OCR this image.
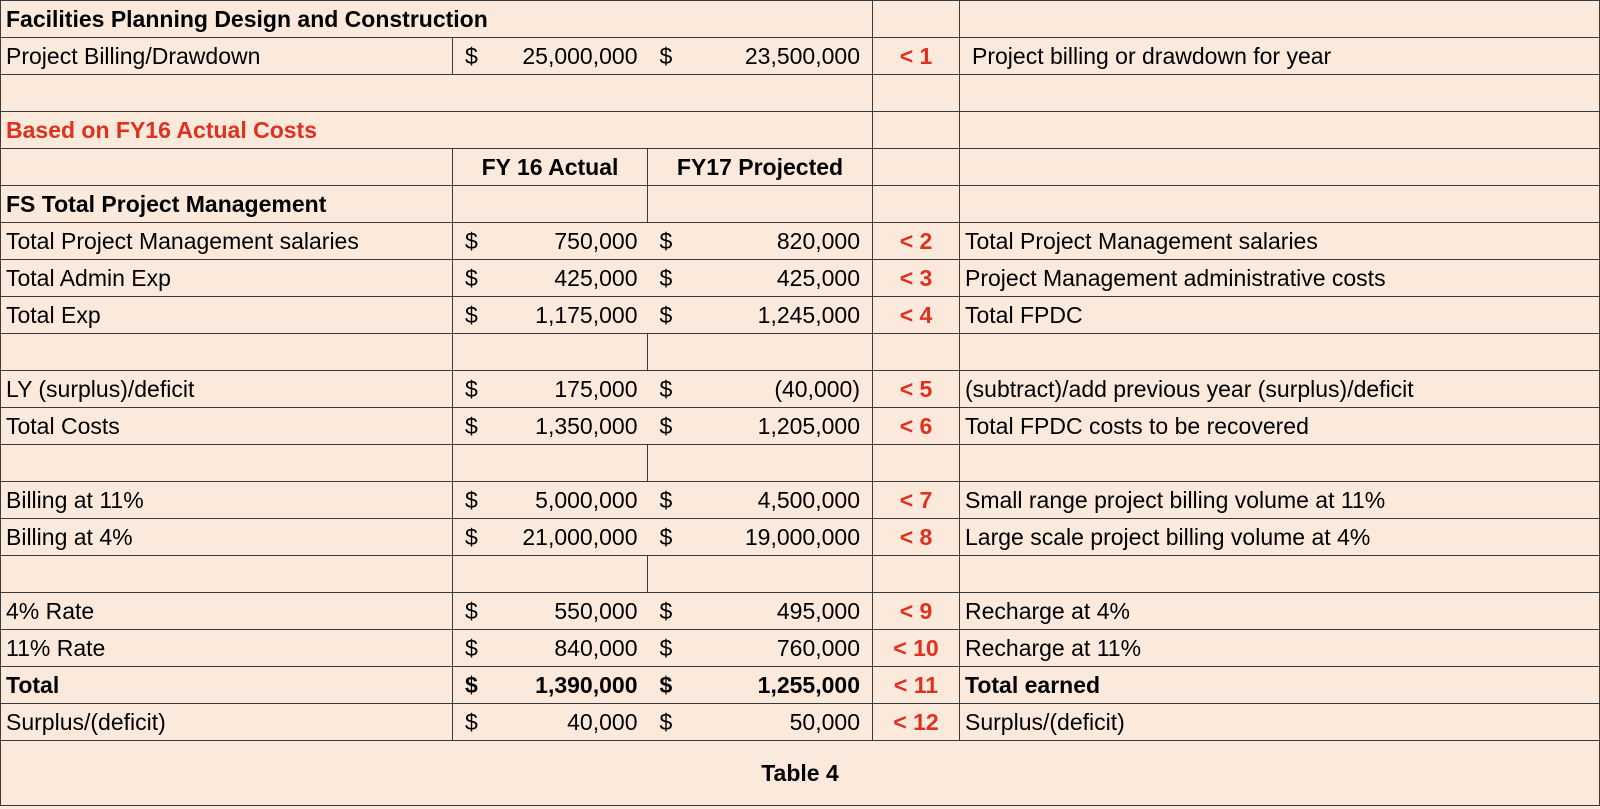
Facilities Planning Design and Construction				

Project Billing/Drawdown	$ 25,000,000	$ 23,500,000	< 1	Project billing or drawdown for year

Based on FY16 Actual Costs				

	FY 16 Actual	FY17 Projected		

FS Total Project Management				

Total Project Management salaries	$ 750,000	$ 820,000	< 2	Total Project Management salaries

Total Admin Exp	$ 425,000	$ 425,000	< 3	Project Management administrative costs

Total Exp	$ 1,175,000	$ 1,245,000	< 4	Total FPDC

LY (surplus)/deficit	$ 175,000	$ (40,000)	< 5	(subtract)/add previous year (surplus)/deficit

Total Costs	$ 1,350,000	$ 1,205,000	< 6	Total FPDC costs to be recovered

Billing at 11%	$ 5,000,000	$ 4,500,000	< 7	Small range project billing volume at 11%

Billing at 4%	$ 21,000,000	$ 19,000,000	< 8	Large scale project billing volume at 4%

4% Rate	$ 550,000	$ 495,000	< 9	Recharge at 4%

11% Rate	$ 840,000	$ 760,000	< 10	Recharge at 11%

Total	$ 1,390,000	$ 1,255,000	< 11	Total earned

Surplus/(deficit)	$ 40,000	$ 50,000	< 12	Surplus/(deficit)

Table 4				
